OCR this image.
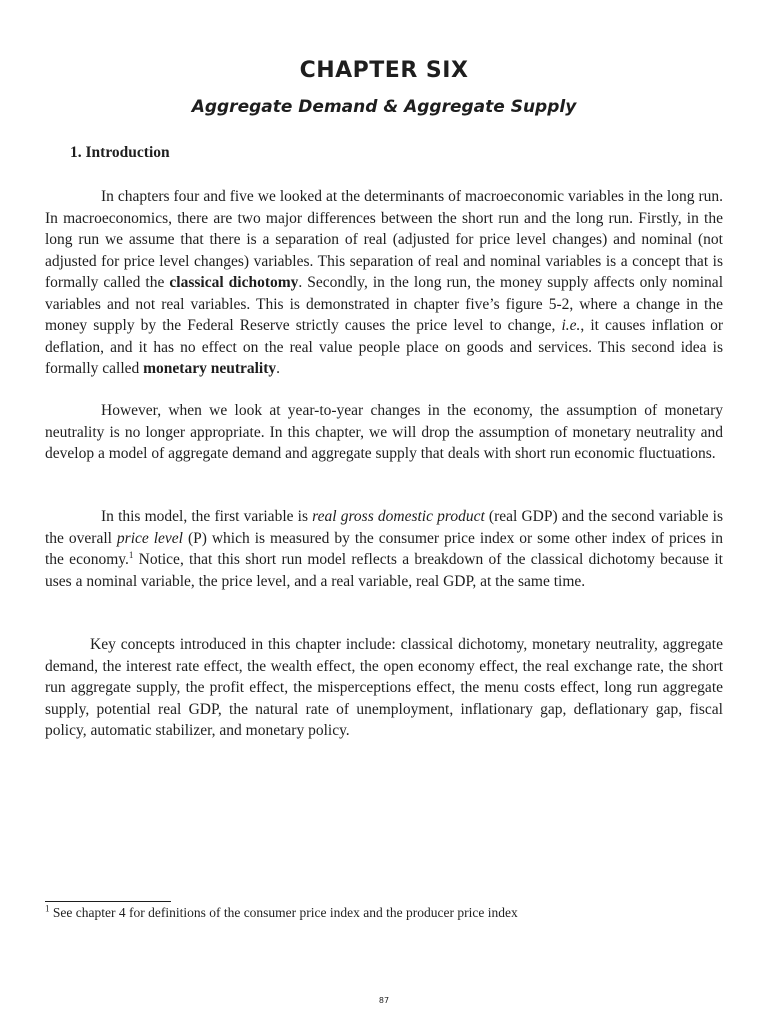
CHAPTER SIX
Aggregate Demand & Aggregate Supply
1. Introduction

In chapters four and five we looked at the determinants of macroeconomic variables in the long run. In macroeconomics, there are two major differences between the short run and the long run. Firstly, in the long run we assume that there is a separation of real (adjusted for price level changes) and nominal (not adjusted for price level changes) variables. This separation of real and nominal variables is a concept that is formally called the classical dichotomy. Secondly, in the long run, the money supply affects only nominal variables and not real variables. This is demonstrated in chapter five’s figure 5-2, where a change in the money supply by the Federal Reserve strictly causes the price level to change, i.e., it causes inflation or deflation, and it has no effect on the real value people place on goods and services. This second idea is formally called monetary neutrality.

However, when we look at year-to-year changes in the economy, the assumption of monetary neutrality is no longer appropriate. In this chapter, we will drop the assumption of monetary neutrality and develop a model of aggregate demand and aggregate supply that deals with short run economic fluctuations.

In this model, the first variable is real gross domestic product (real GDP) and the second variable is the overall price level (P) which is measured by the consumer price index or some other index of prices in the economy.$^1$ Notice, that this short run model reflects a breakdown of the classical dichotomy because it uses a nominal variable, the price level, and a real variable, real GDP, at the same time.

Key concepts introduced in this chapter include: classical dichotomy, monetary neutrality, aggregate demand, the interest rate effect, the wealth effect, the open economy effect, the real exchange rate, the short run aggregate supply, the profit effect, the misperceptions effect, the menu costs effect, long run aggregate supply, potential real GDP, the natural rate of unemployment, inflationary gap, deflationary gap, fiscal policy, automatic stabilizer, and monetary policy.

$^1$ See chapter 4 for definitions of the consumer price index and the producer price index

87
